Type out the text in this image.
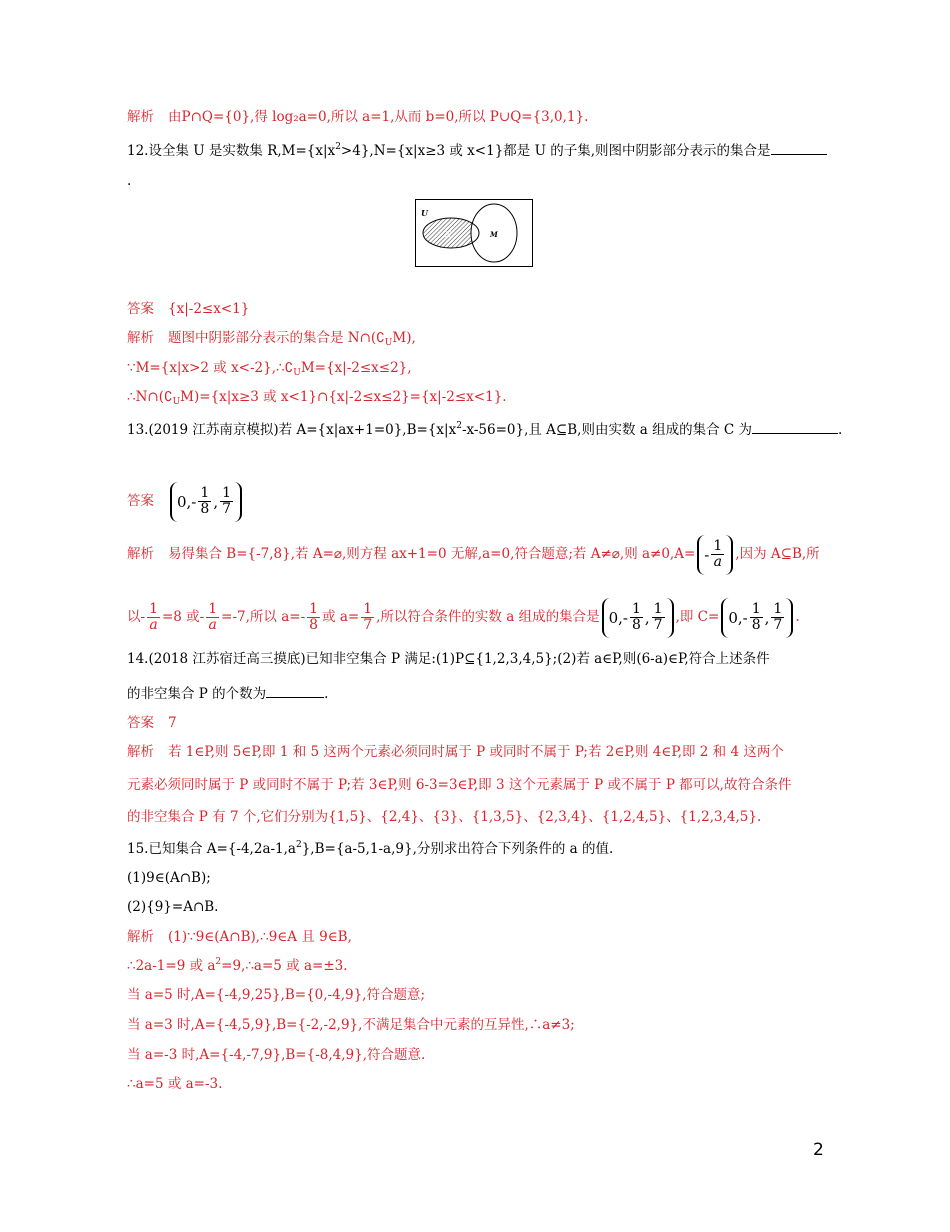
解析 由P∩Q={0},得 log₂a=0,所以 a=1,从而 b=0,所以 P∪Q={3,0,1}.
12.设全集 U 是实数集 $R,M=\{x|x^2>4\},N=\{x|x\ge 3$ 或 x<1}都是 U 的子集,则图中阴影部分表示的集合是
.
U
N	M
答案 {x|-2≤x<1}
解析 题图中阴影部分表示的集合是 $N\cap(∁_UM)$,
∵M={x|x>2 或 $x<-2\},\therefore∁_UM=\{x|-2\le x\le 2\}$,
$\therefore N\cap(∁_UM)=\{x|x\ge 3$ 或 x<1}∩{x|-2≤x≤2}={x|-2≤x<1}.
13.(2019 江苏南京模拟)若 $A=\{x|ax+1=0\},B=\{x|x^2-x-56=0\}$,且 A⊆B,则由实数 a 组成的集合 C 为	.
答案 $0,- \frac{1}{8}$ , $\frac{1}{7}$
解析 易得集合 B={-7,8},若 A=⌀,则方程 ax+1=0 无解,a=0,符合题意;若 A≠⌀,则 $a\ne 0,A= - \frac{1}{a}$ ,因为 A⊆B,所
以- $\frac{1}{a} =8$ 或- $\frac{1}{a} =-7$,所以 $a=- \frac{1}{8}$ 或 $a= \frac{1}{7}$ ,所以符合条件的实数 a 组成的集合是 $0,- \frac{1}{8}$ , $\frac{1}{7}$ ,即 $C= 0,- \frac{1}{8}$ , $\frac{1}{7}$ .
14.(2018 江苏宿迁高三摸底)已知非空集合 P 满足:(1)P⊆{1,2,3,4,5};(2)若 a∈P,则(6-a)∈P,符合上述条件
的非空集合 P 的个数为	.
答案 7
解析 若 1∈P,则 5∈P,即 1 和 5 这两个元素必须同时属于 P 或同时不属于 P;若 2∈P,则 4∈P,即 2 和 4 这两个
元素必须同时属于 P 或同时不属于 P;若 3∈P,则 6-3=3∈P,即 3 这个元素属于 P 或不属于 P 都可以,故符合条件
的非空集合 P 有 7 个,它们分别为{1,5}、{2,4}、{3}、{1,3,5}、{2,3,4}、{1,2,4,5}、{1,2,3,4,5}.
15.已知集合 $A=\{-4,2a-1,a^2\},B=\{a-5,1-a,9\}$,分别求出符合下列条件的 a 的值.
(1)9∈(A∩B);
(2){9}=A∩B.
解析 (1)∵9∈(A∩B),∴9∈A 且 9∈B,
∴2a-1=9 或 $a^2=9,\therefore a=5$ 或 a=±3.
当 a=5 时,A={-4,9,25},B={0,-4,9},符合题意;
当 a=3 时,A={-4,5,9},B={-2,-2,9},不满足集合中元素的互异性,∴a≠3;
当 a=-3 时,A={-4,-7,9},B={-8,4,9},符合题意.
∴a=5 或 a=-3.
2
